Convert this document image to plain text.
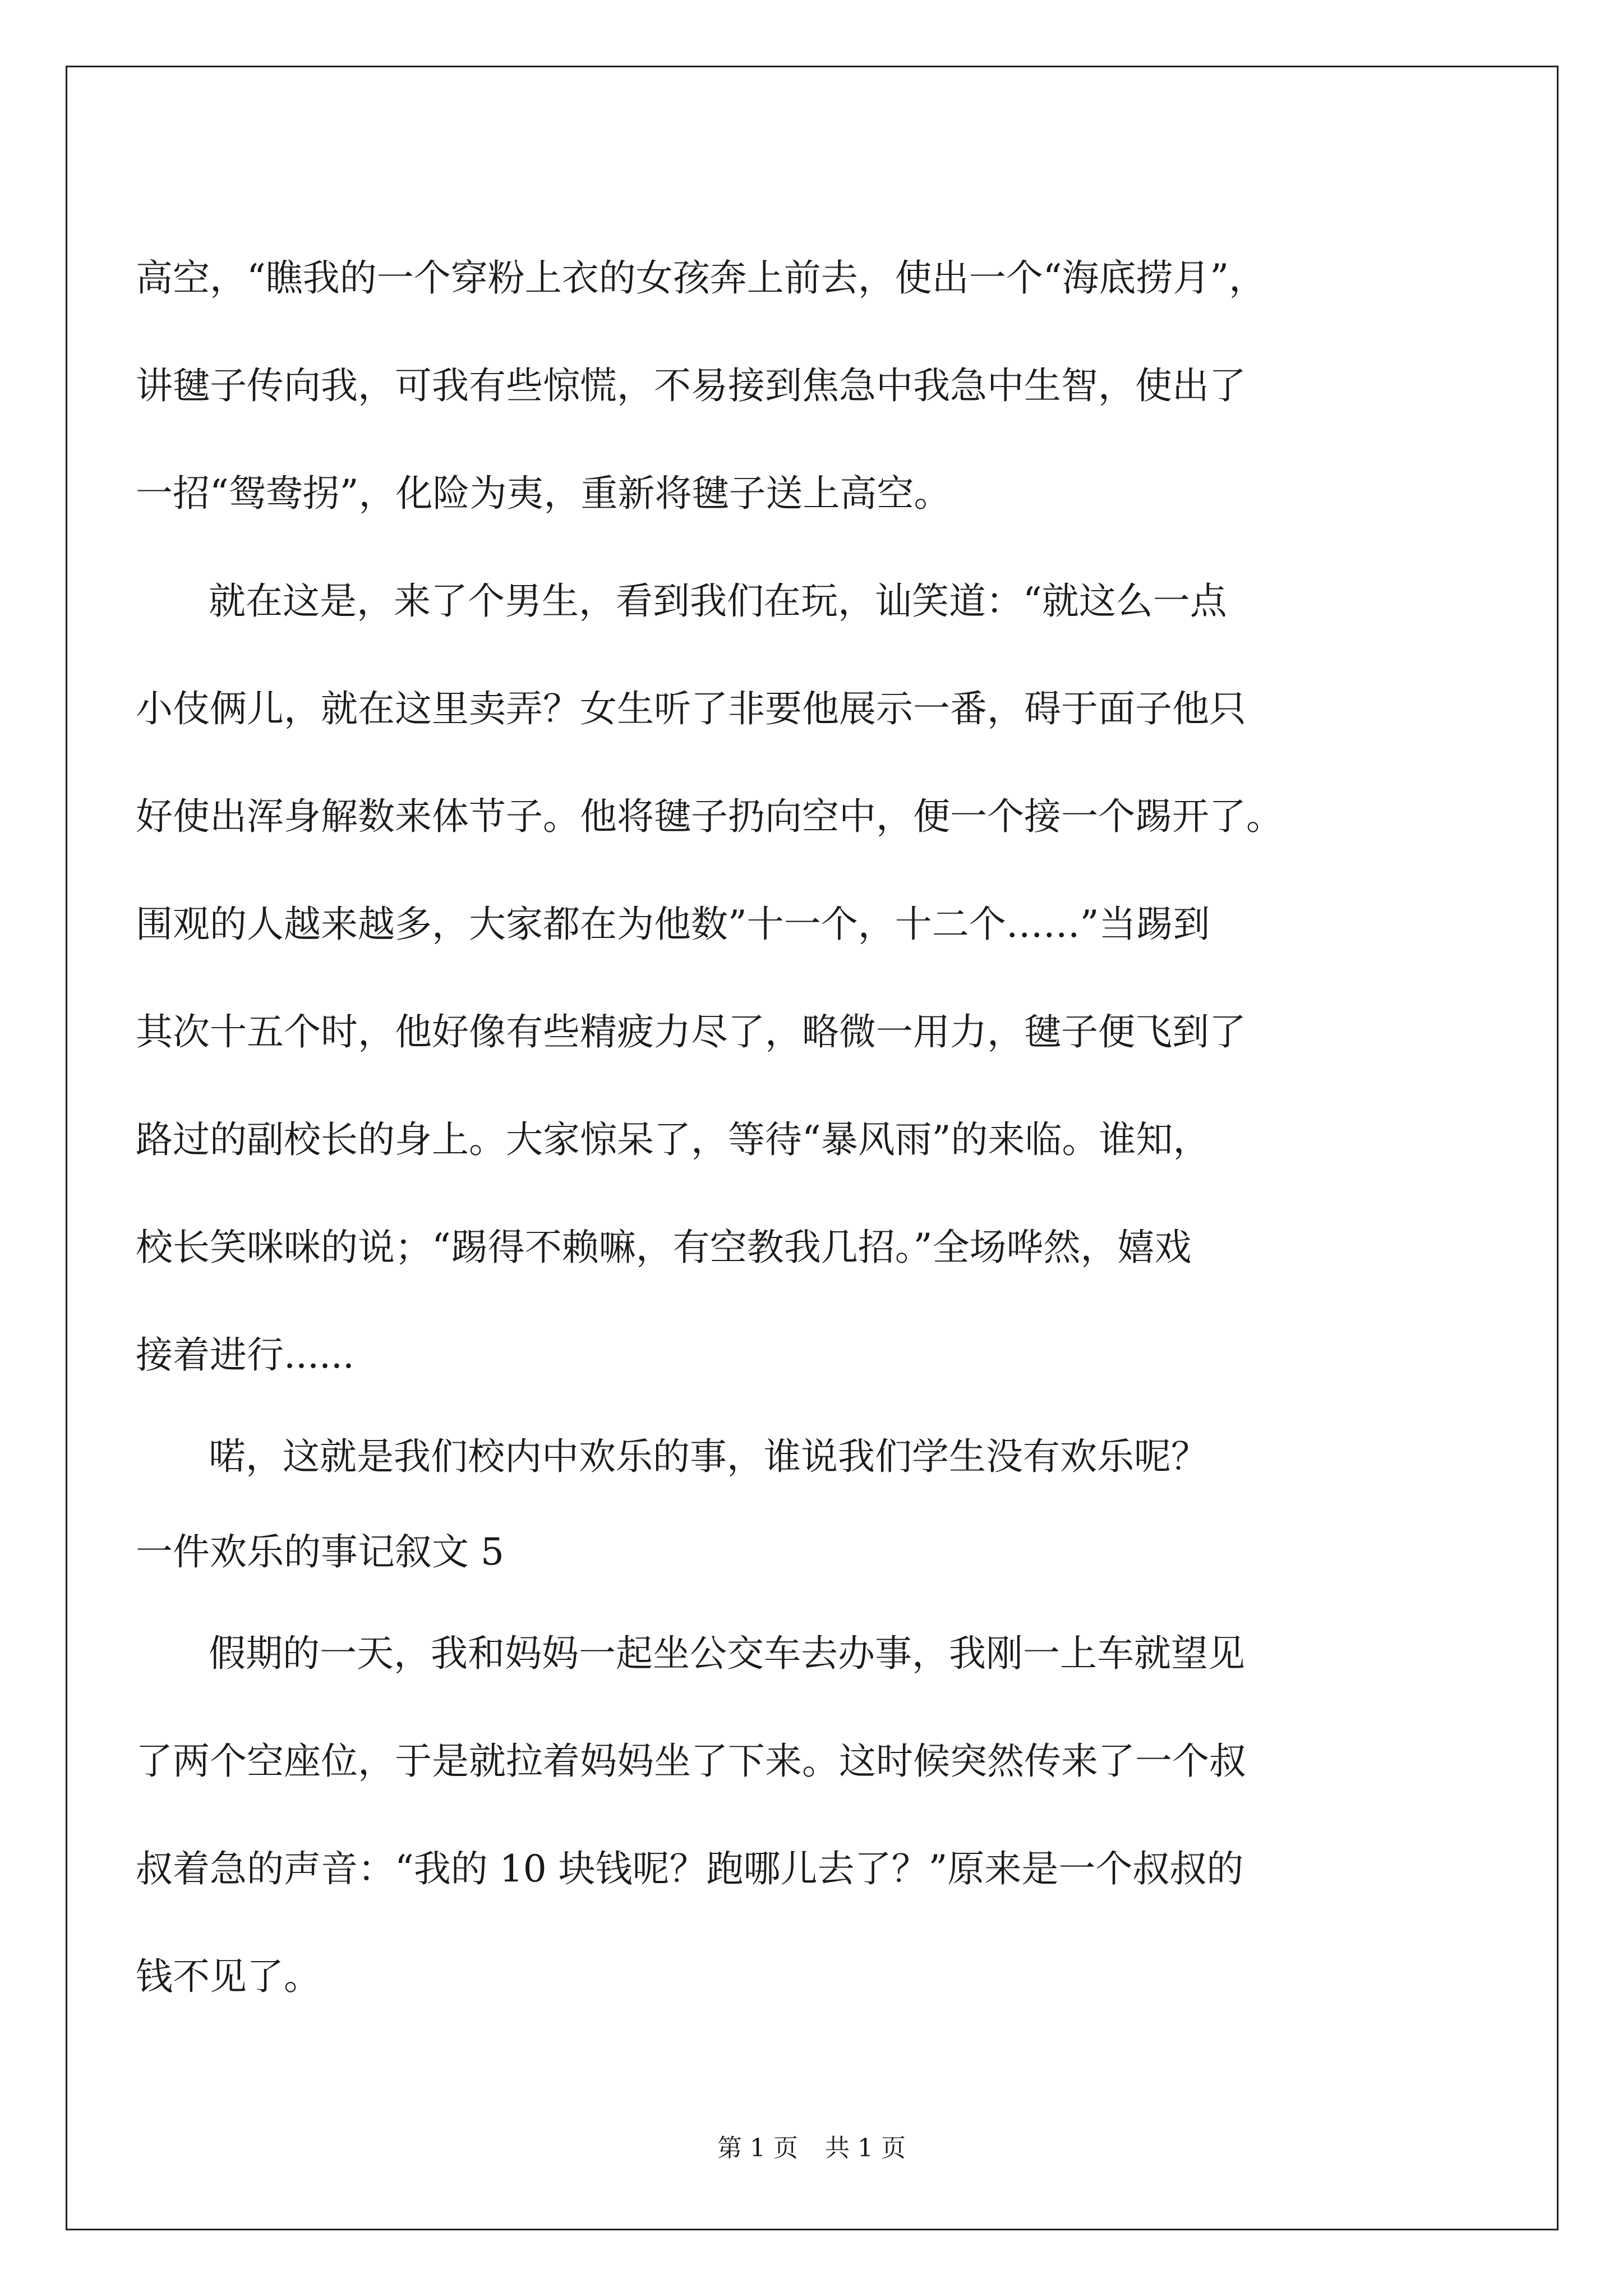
高空，“瞧我的一个穿粉上衣的女孩奔上前去，使出一个“海底捞月”，
讲毽子传向我，可我有些惊慌，不易接到焦急中我急中生智，使出了
一招“鸳鸯拐”，化险为夷，重新将毽子送上高空。
就在这是，来了个男生，看到我们在玩，讪笑道：“就这么一点
小伎俩儿，就在这里卖弄？女生听了非要他展示一番，碍于面子他只
好使出浑身解数来体节子。他将毽子扔向空中，便一个接一个踢开了。
围观的人越来越多，大家都在为他数”十一个，十二个……”当踢到
其次十五个时，他好像有些精疲力尽了，略微一用力，毽子便飞到了
路过的副校长的身上。大家惊呆了，等待“暴风雨”的来临。谁知，
校长笑咪咪的说；“踢得不赖嘛，有空教我几招。”全场哗然，嬉戏
接着进行......
喏，这就是我们校内中欢乐的事，谁说我们学生没有欢乐呢？
一件欢乐的事记叙文 5
假期的一天，我和妈妈一起坐公交车去办事，我刚一上车就望见
了两个空座位，于是就拉着妈妈坐了下来。这时候突然传来了一个叔
叔着急的声音：“我的 10 块钱呢？跑哪儿去了？”原来是一个叔叔的
钱不见了。
第 1 页 共 1 页
